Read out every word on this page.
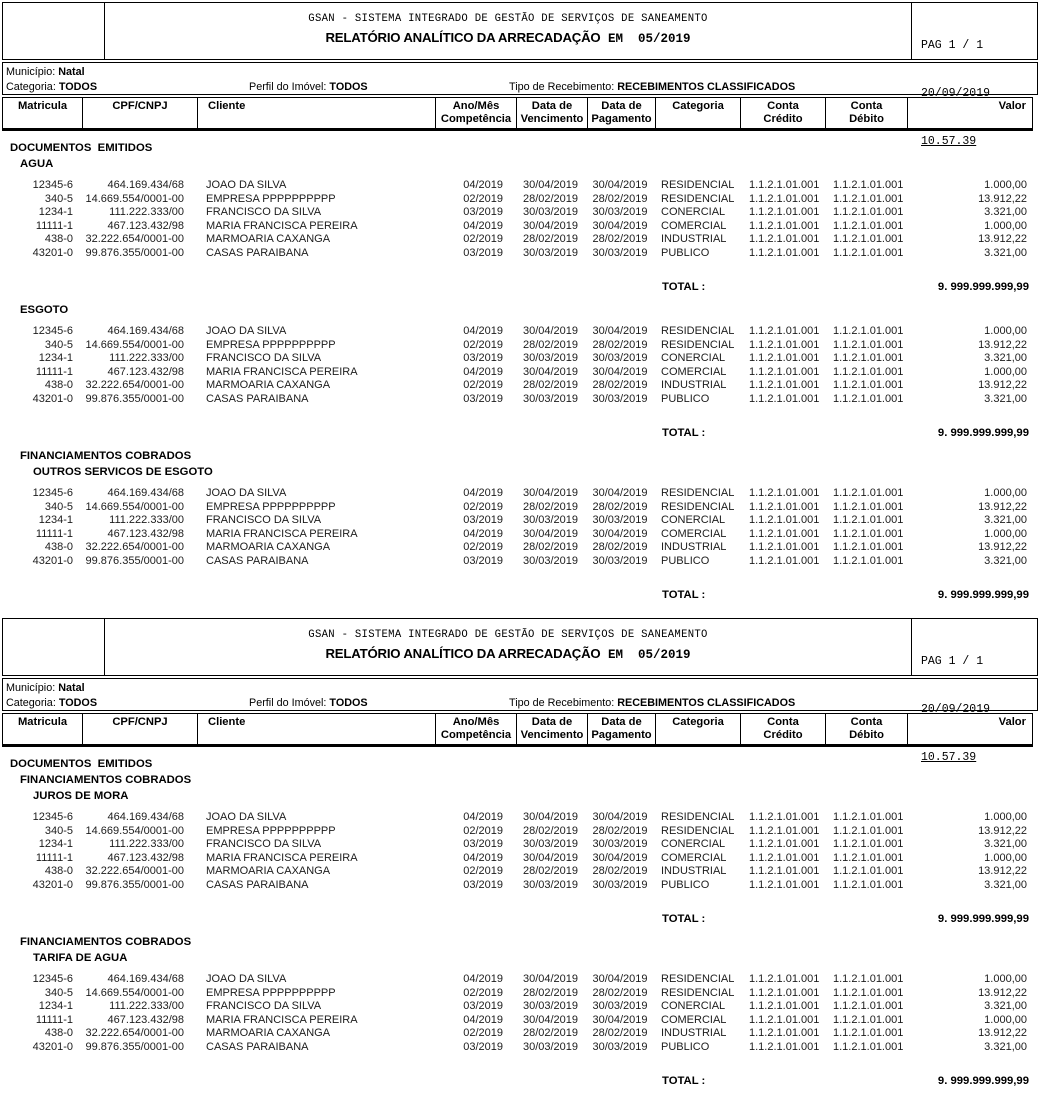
GSAN - SISTEMA INTEGRADO DE GESTÃO DE SERVIÇOS DE SANEAMENTO
RELATÓRIO ANALÍTICO DA ARRECADAÇÃO EM  05/2019

	PAG 1 / 1

20/09/2019

10.57.39

Município: Natal
Categoria: TODOS	Perfil do Imóvel: TODOS	Tipo de Recebimento: RECEBIMENTOS CLASSIFICADOS
Matricula	CPF/CNPJ	Cliente	Ano/Mês
Competência
Data de
Vencimento
Data de
Pagamento
Categoria	Conta
Crédito
Conta
Débito
Valor
DOCUMENTOS  EMITIDOS
AGUA
12345-6	464.169.434/68	JOAO DA SILVA	04/2019	30/04/2019	30/04/2019	RESIDENCIAL	1.1.2.1.01.001	1.1.2.1.01.001	1.000,00
340-5	14.669.554/0001-00	EMPRESA PPPPPPPPPP	02/2019	28/02/2019	28/02/2019	RESIDENCIAL	1.1.2.1.01.001	1.1.2.1.01.001	13.912,22
1234-1	111.222.333/00	FRANCISCO DA SILVA	03/2019	30/03/2019	30/03/2019	CONERCIAL	1.1.2.1.01.001	1.1.2.1.01.001	3.321,00
11111-1	467.123.432/98	MARIA FRANCISCA PEREIRA	04/2019	30/04/2019	30/04/2019	COMERCIAL	1.1.2.1.01.001	1.1.2.1.01.001	1.000,00
438-0	32.222.654/0001-00	MARMOARIA CAXANGA	02/2019	28/02/2019	28/02/2019	INDUSTRIAL	1.1.2.1.01.001	1.1.2.1.01.001	13.912,22
43201-0	99.876.355/0001-00	CASAS PARAIBANA	03/2019	30/03/2019	30/03/2019	PUBLICO	1.1.2.1.01.001	1.1.2.1.01.001	3.321,00
TOTAL :	9. 999.999.999,99
ESGOTO
12345-6	464.169.434/68	JOAO DA SILVA	04/2019	30/04/2019	30/04/2019	RESIDENCIAL	1.1.2.1.01.001	1.1.2.1.01.001	1.000,00
340-5	14.669.554/0001-00	EMPRESA PPPPPPPPPP	02/2019	28/02/2019	28/02/2019	RESIDENCIAL	1.1.2.1.01.001	1.1.2.1.01.001	13.912,22
1234-1	111.222.333/00	FRANCISCO DA SILVA	03/2019	30/03/2019	30/03/2019	CONERCIAL	1.1.2.1.01.001	1.1.2.1.01.001	3.321,00
11111-1	467.123.432/98	MARIA FRANCISCA PEREIRA	04/2019	30/04/2019	30/04/2019	COMERCIAL	1.1.2.1.01.001	1.1.2.1.01.001	1.000,00
438-0	32.222.654/0001-00	MARMOARIA CAXANGA	02/2019	28/02/2019	28/02/2019	INDUSTRIAL	1.1.2.1.01.001	1.1.2.1.01.001	13.912,22
43201-0	99.876.355/0001-00	CASAS PARAIBANA	03/2019	30/03/2019	30/03/2019	PUBLICO	1.1.2.1.01.001	1.1.2.1.01.001	3.321,00
TOTAL :	9. 999.999.999,99
FINANCIAMENTOS COBRADOS
OUTROS SERVICOS DE ESGOTO
12345-6	464.169.434/68	JOAO DA SILVA	04/2019	30/04/2019	30/04/2019	RESIDENCIAL	1.1.2.1.01.001	1.1.2.1.01.001	1.000,00
340-5	14.669.554/0001-00	EMPRESA PPPPPPPPPP	02/2019	28/02/2019	28/02/2019	RESIDENCIAL	1.1.2.1.01.001	1.1.2.1.01.001	13.912,22
1234-1	111.222.333/00	FRANCISCO DA SILVA	03/2019	30/03/2019	30/03/2019	CONERCIAL	1.1.2.1.01.001	1.1.2.1.01.001	3.321,00
11111-1	467.123.432/98	MARIA FRANCISCA PEREIRA	04/2019	30/04/2019	30/04/2019	COMERCIAL	1.1.2.1.01.001	1.1.2.1.01.001	1.000,00
438-0	32.222.654/0001-00	MARMOARIA CAXANGA	02/2019	28/02/2019	28/02/2019	INDUSTRIAL	1.1.2.1.01.001	1.1.2.1.01.001	13.912,22
43201-0	99.876.355/0001-00	CASAS PARAIBANA	03/2019	30/03/2019	30/03/2019	PUBLICO	1.1.2.1.01.001	1.1.2.1.01.001	3.321,00
TOTAL :	9. 999.999.999,99
GSAN - SISTEMA INTEGRADO DE GESTÃO DE SERVIÇOS DE SANEAMENTO
RELATÓRIO ANALÍTICO DA ARRECADAÇÃO EM  05/2019

	PAG 1 / 1

20/09/2019

10.57.39

Município: Natal
Categoria: TODOS	Perfil do Imóvel: TODOS	Tipo de Recebimento: RECEBIMENTOS CLASSIFICADOS
Matricula	CPF/CNPJ	Cliente	Ano/Mês
Competência
Data de
Vencimento
Data de
Pagamento
Categoria	Conta
Crédito
Conta
Débito
Valor
DOCUMENTOS  EMITIDOS
FINANCIAMENTOS COBRADOS
JUROS DE MORA
12345-6	464.169.434/68	JOAO DA SILVA	04/2019	30/04/2019	30/04/2019	RESIDENCIAL	1.1.2.1.01.001	1.1.2.1.01.001	1.000,00
340-5	14.669.554/0001-00	EMPRESA PPPPPPPPPP	02/2019	28/02/2019	28/02/2019	RESIDENCIAL	1.1.2.1.01.001	1.1.2.1.01.001	13.912,22
1234-1	111.222.333/00	FRANCISCO DA SILVA	03/2019	30/03/2019	30/03/2019	CONERCIAL	1.1.2.1.01.001	1.1.2.1.01.001	3.321,00
11111-1	467.123.432/98	MARIA FRANCISCA PEREIRA	04/2019	30/04/2019	30/04/2019	COMERCIAL	1.1.2.1.01.001	1.1.2.1.01.001	1.000,00
438-0	32.222.654/0001-00	MARMOARIA CAXANGA	02/2019	28/02/2019	28/02/2019	INDUSTRIAL	1.1.2.1.01.001	1.1.2.1.01.001	13.912,22
43201-0	99.876.355/0001-00	CASAS PARAIBANA	03/2019	30/03/2019	30/03/2019	PUBLICO	1.1.2.1.01.001	1.1.2.1.01.001	3.321,00
TOTAL :	9. 999.999.999,99
FINANCIAMENTOS COBRADOS
TARIFA DE AGUA
12345-6	464.169.434/68	JOAO DA SILVA	04/2019	30/04/2019	30/04/2019	RESIDENCIAL	1.1.2.1.01.001	1.1.2.1.01.001	1.000,00
340-5	14.669.554/0001-00	EMPRESA PPPPPPPPPP	02/2019	28/02/2019	28/02/2019	RESIDENCIAL	1.1.2.1.01.001	1.1.2.1.01.001	13.912,22
1234-1	111.222.333/00	FRANCISCO DA SILVA	03/2019	30/03/2019	30/03/2019	CONERCIAL	1.1.2.1.01.001	1.1.2.1.01.001	3.321,00
11111-1	467.123.432/98	MARIA FRANCISCA PEREIRA	04/2019	30/04/2019	30/04/2019	COMERCIAL	1.1.2.1.01.001	1.1.2.1.01.001	1.000,00
438-0	32.222.654/0001-00	MARMOARIA CAXANGA	02/2019	28/02/2019	28/02/2019	INDUSTRIAL	1.1.2.1.01.001	1.1.2.1.01.001	13.912,22
43201-0	99.876.355/0001-00	CASAS PARAIBANA	03/2019	30/03/2019	30/03/2019	PUBLICO	1.1.2.1.01.001	1.1.2.1.01.001	3.321,00
TOTAL :	9. 999.999.999,99
